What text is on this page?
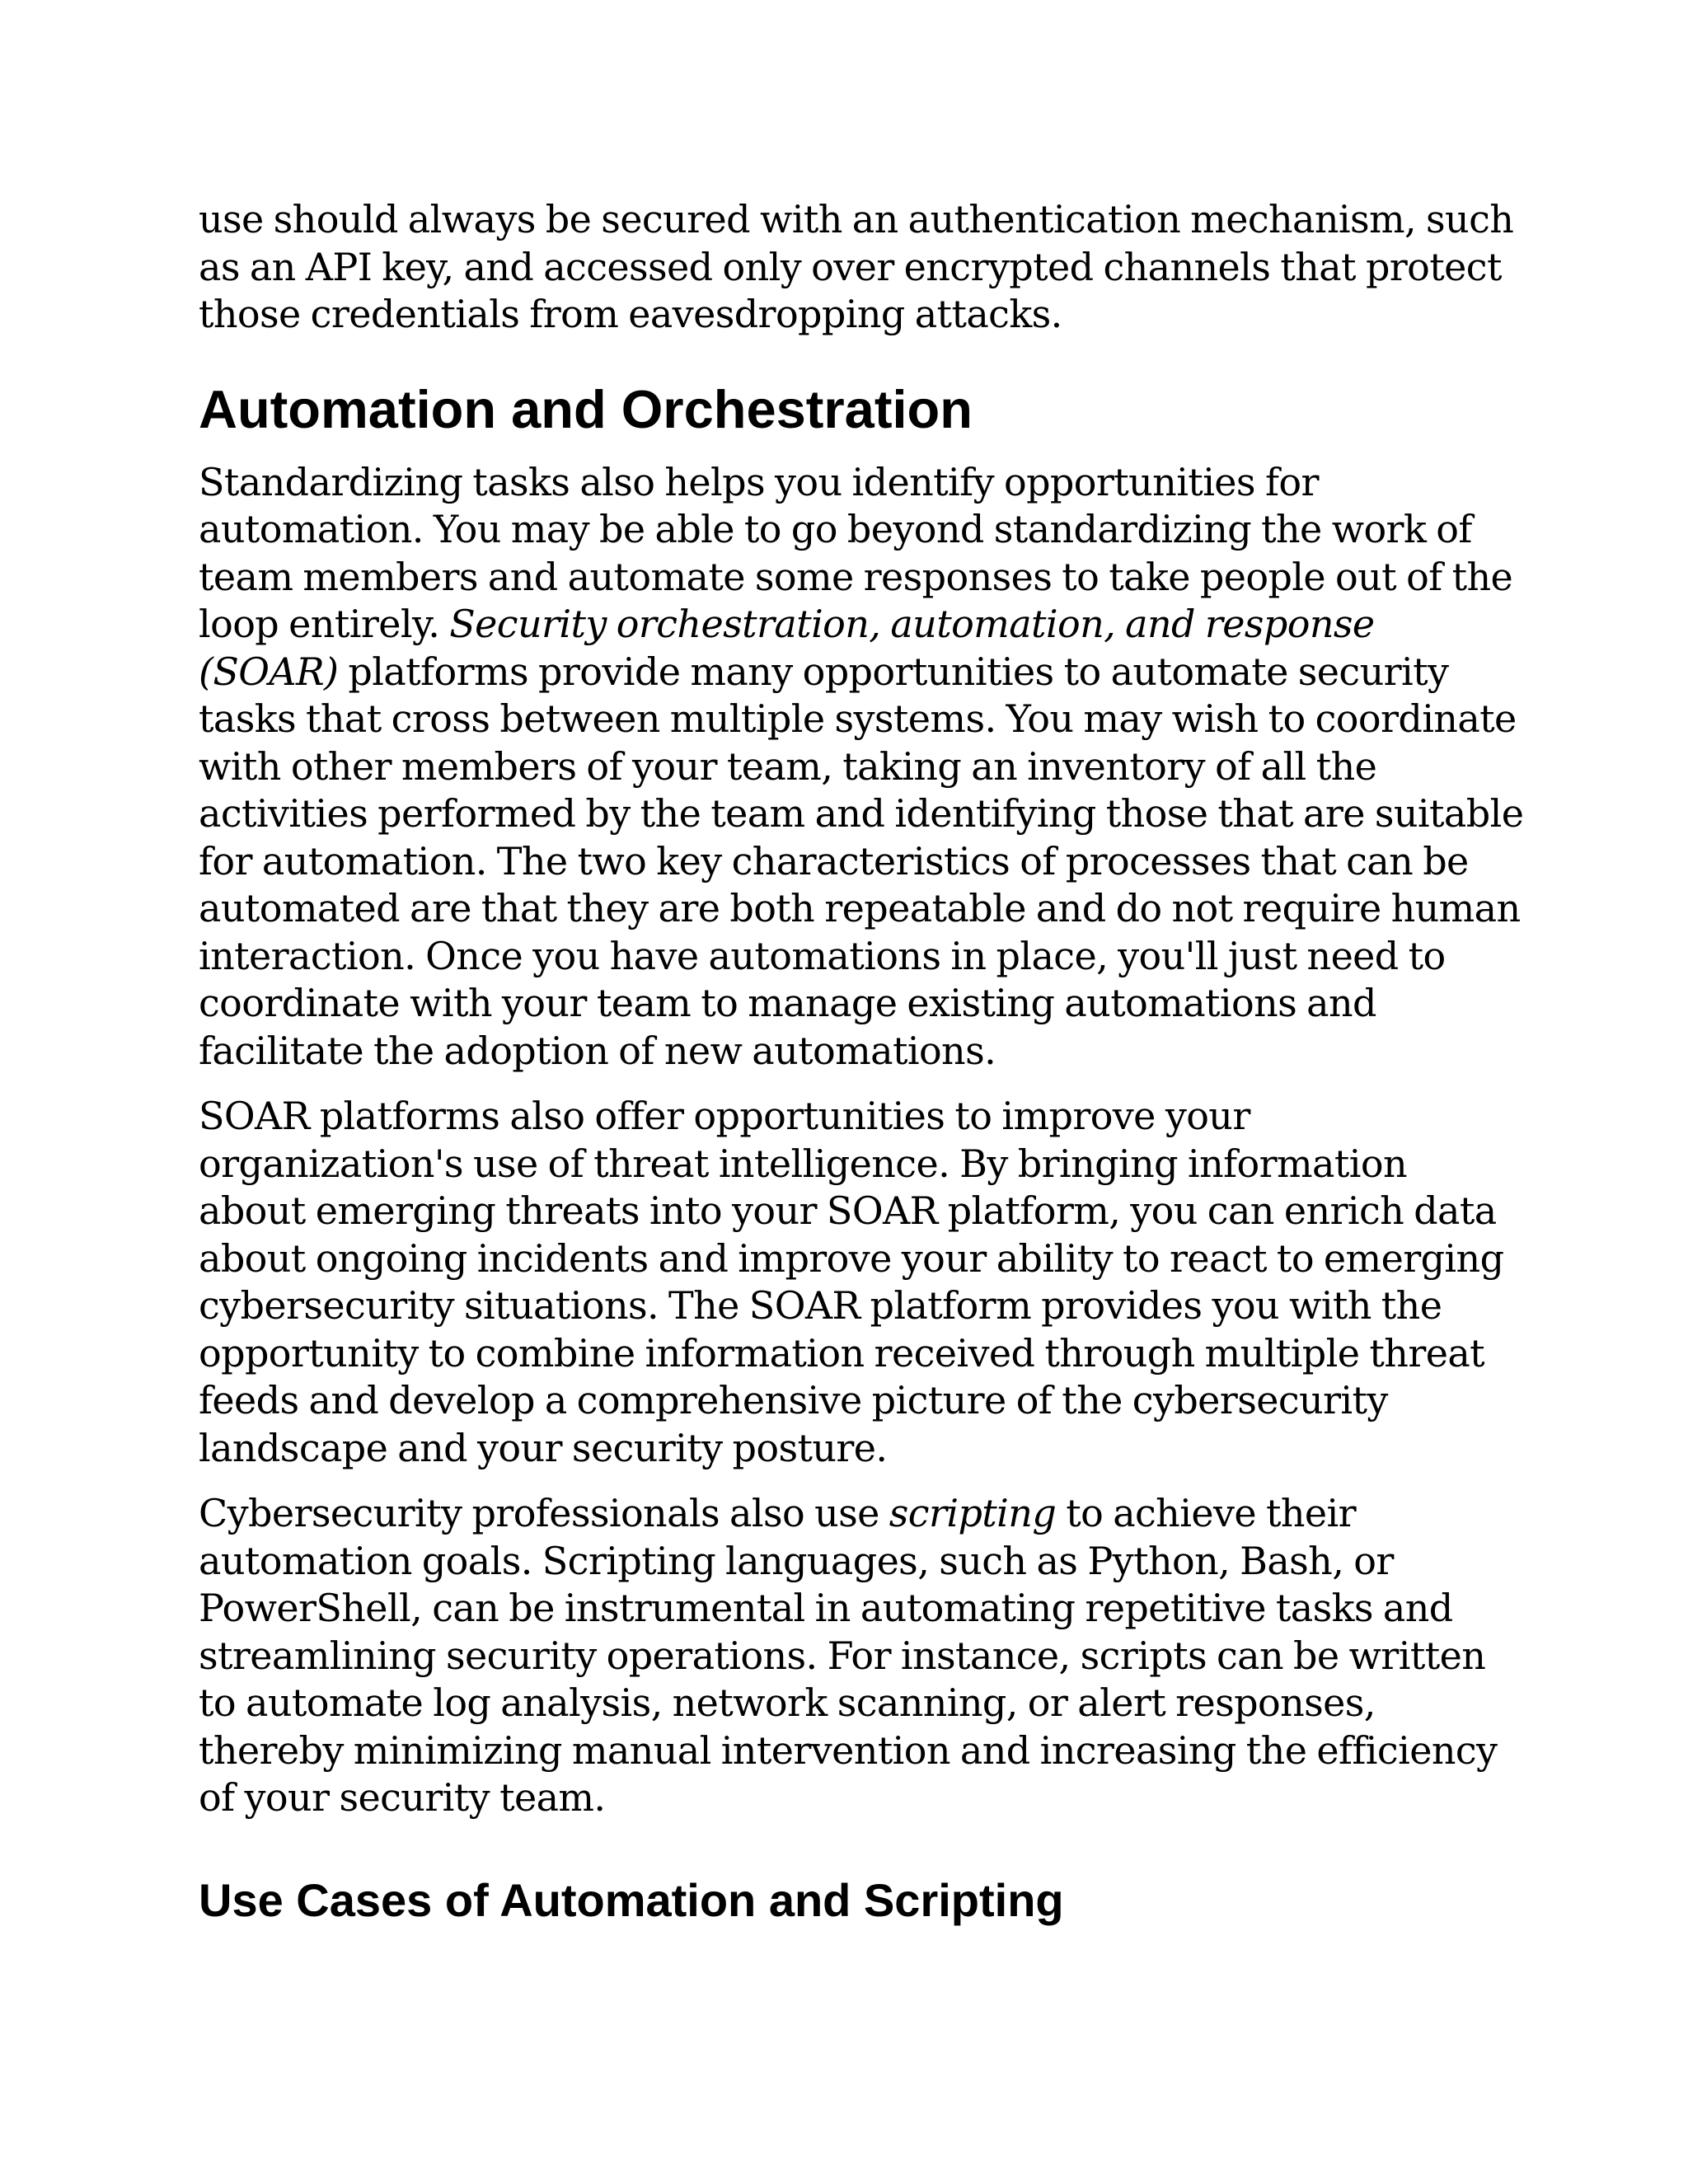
use should always be secured with an authentication mechanism, such
as an API key, and accessed only over encrypted channels that protect
those credentials from eavesdropping attacks.

Automation and Orchestration

Standardizing tasks also helps you identify opportunities for
automation. You may be able to go beyond standardizing the work of
team members and automate some responses to take people out of the
loop entirely. Security orchestration, automation, and response
(SOAR) platforms provide many opportunities to automate security
tasks that cross between multiple systems. You may wish to coordinate
with other members of your team, taking an inventory of all the
activities performed by the team and identifying those that are suitable
for automation. The two key characteristics of processes that can be
automated are that they are both repeatable and do not require human
interaction. Once you have automations in place, you'll just need to
coordinate with your team to manage existing automations and
facilitate the adoption of new automations.

SOAR platforms also offer opportunities to improve your
organization's use of threat intelligence. By bringing information
about emerging threats into your SOAR platform, you can enrich data
about ongoing incidents and improve your ability to react to emerging
cybersecurity situations. The SOAR platform provides you with the
opportunity to combine information received through multiple threat
feeds and develop a comprehensive picture of the cybersecurity
landscape and your security posture.

Cybersecurity professionals also use scripting to achieve their
automation goals. Scripting languages, such as Python, Bash, or
PowerShell, can be instrumental in automating repetitive tasks and
streamlining security operations. For instance, scripts can be written
to automate log analysis, network scanning, or alert responses,
thereby minimizing manual intervention and increasing the efficiency
of your security team.

Use Cases of Automation and Scripting
